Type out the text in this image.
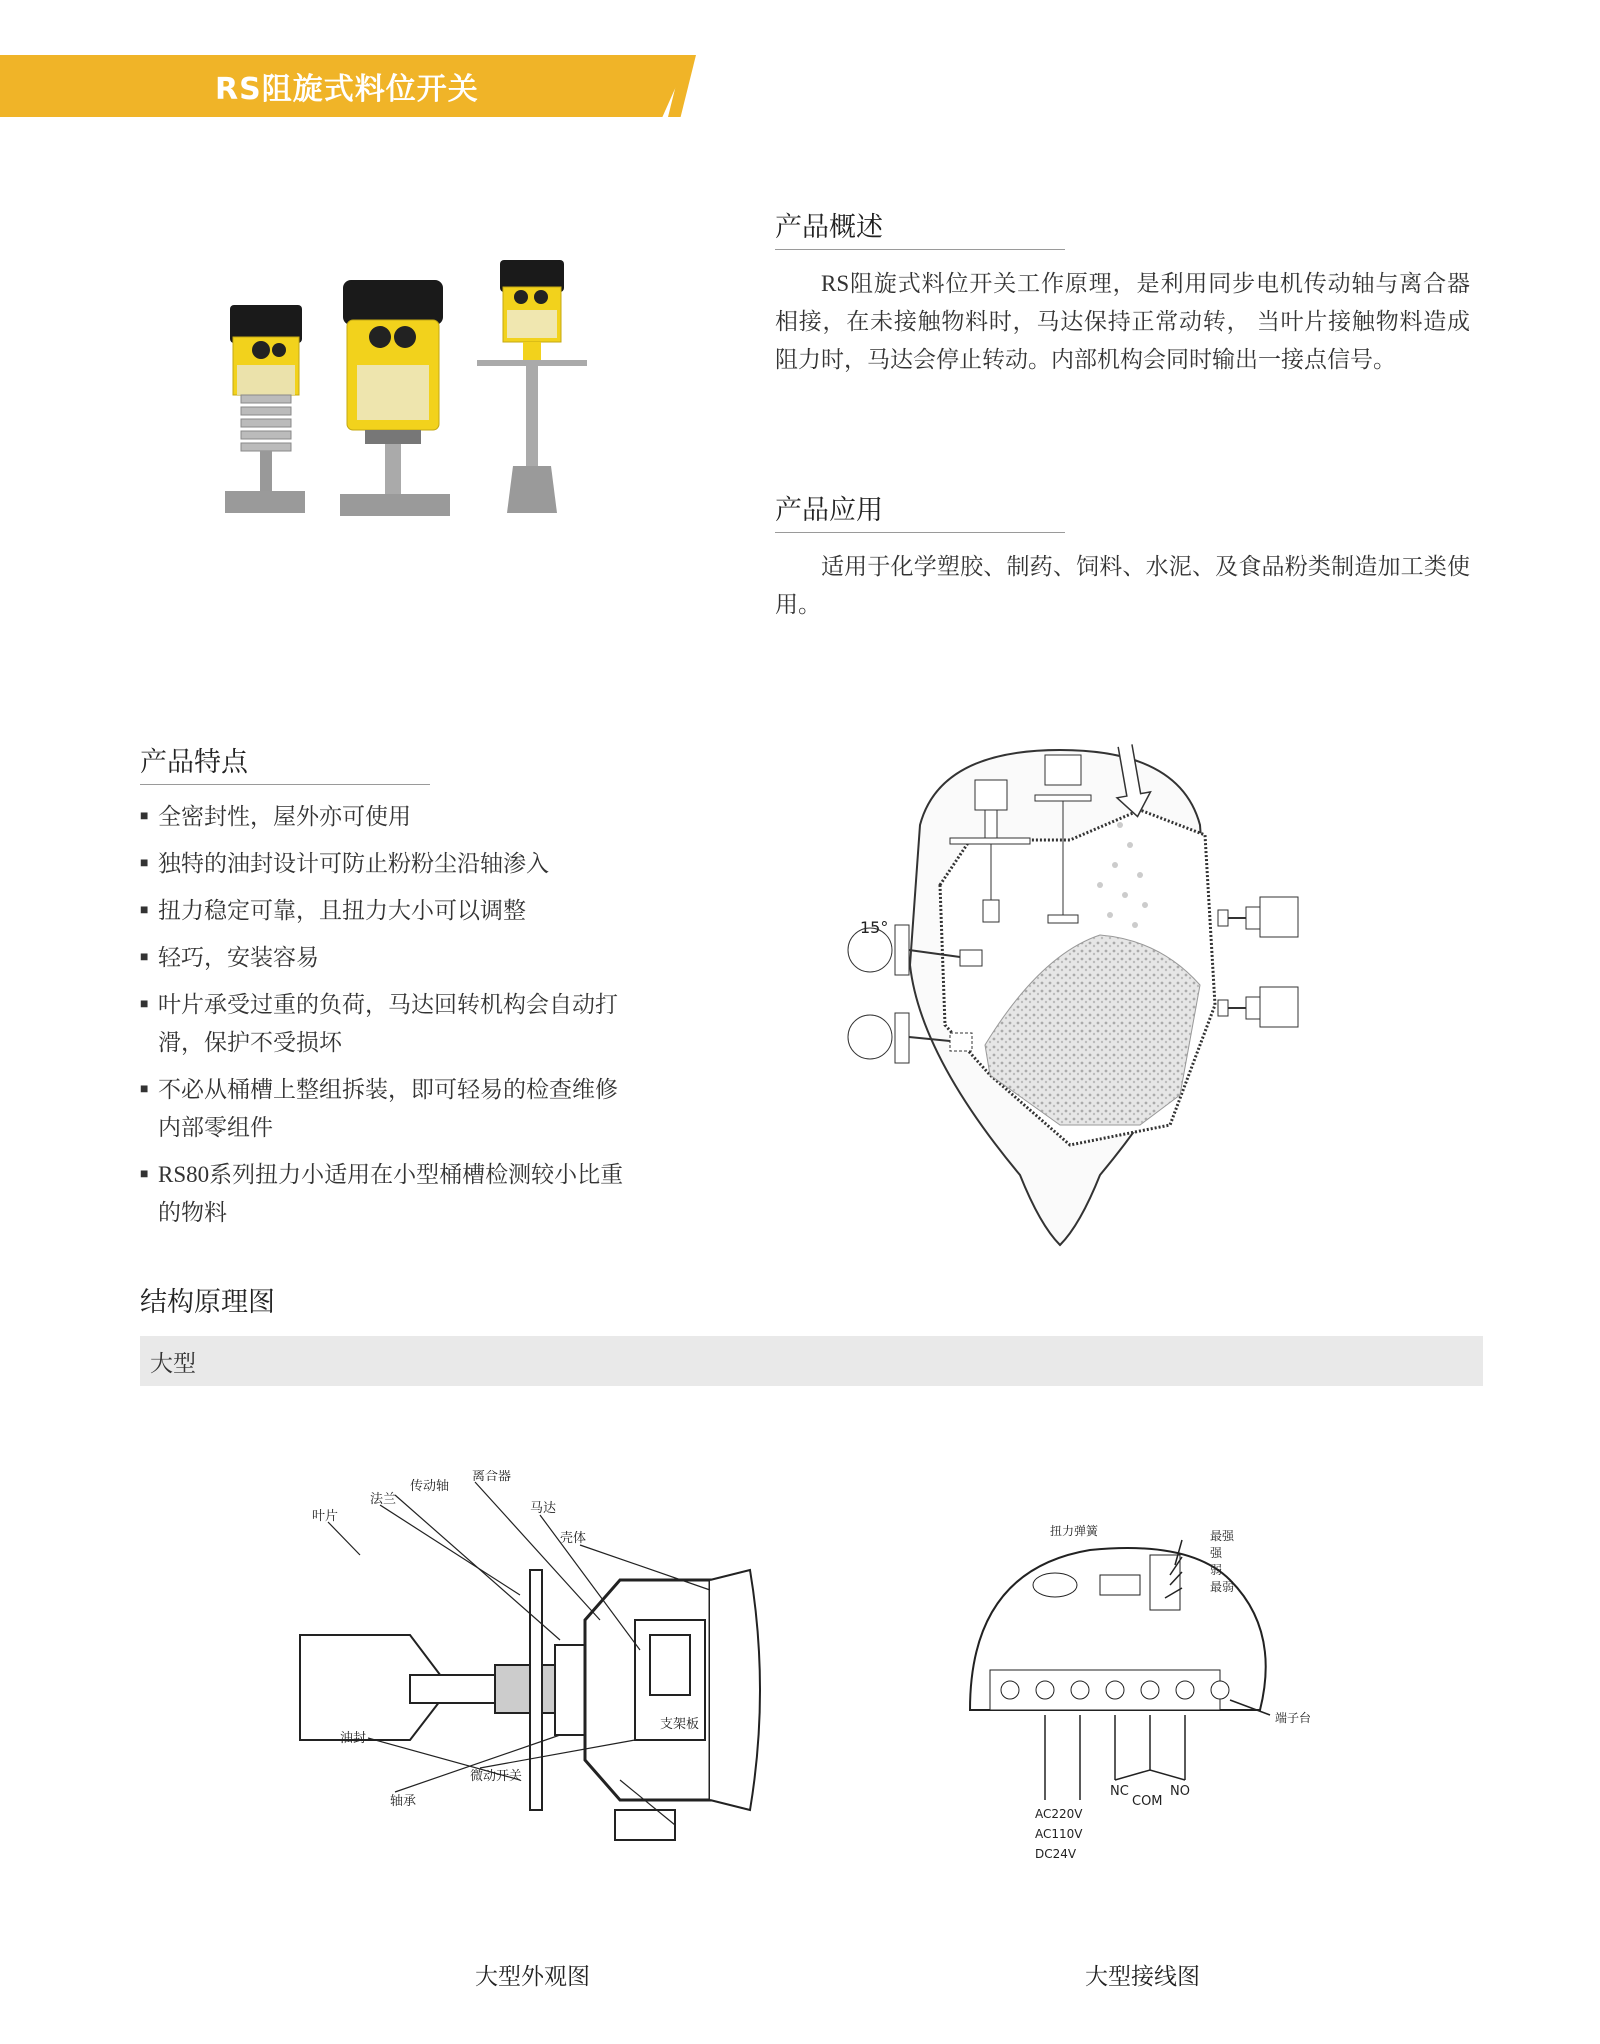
RS阻旋式料位开关
产品概述
RS阻旋式料位开关工作原理，是利用同步电机传动轴与离合器相接，在未接触物料时，马达保持正常动转， 当叶片接触物料造成阻力时，马达会停止转动。内部机构会同时输出一接点信号。
产品应用
适用于化学塑胶、制药、饲料、水泥、及食品粉类制造加工类使用。
产品特点
■ 全密封性，屋外亦可使用
■ 独特的油封设计可防止粉粉尘沿轴渗入
■ 扭力稳定可靠，且扭力大小可以调整
■ 轻巧，安装容易
■ 叶片承受过重的负荷，马达回转机构会自动打滑，保护不受损坏
■ 不必从桶槽上整组拆装，即可轻易的检查维修内部零组件
■ RS80系列扭力小适用在小型桶槽检测较小比重的物料
15°
结构原理图
大型
叶片
法兰
传动轴
离合器
马达
壳体
油封
轴承
微动开关
支架板
扭力弹簧	最强
强
弱
最弱
端子台
NC
COM
NO
AC220V
AC110V
DC24V
大型外观图	大型接线图
